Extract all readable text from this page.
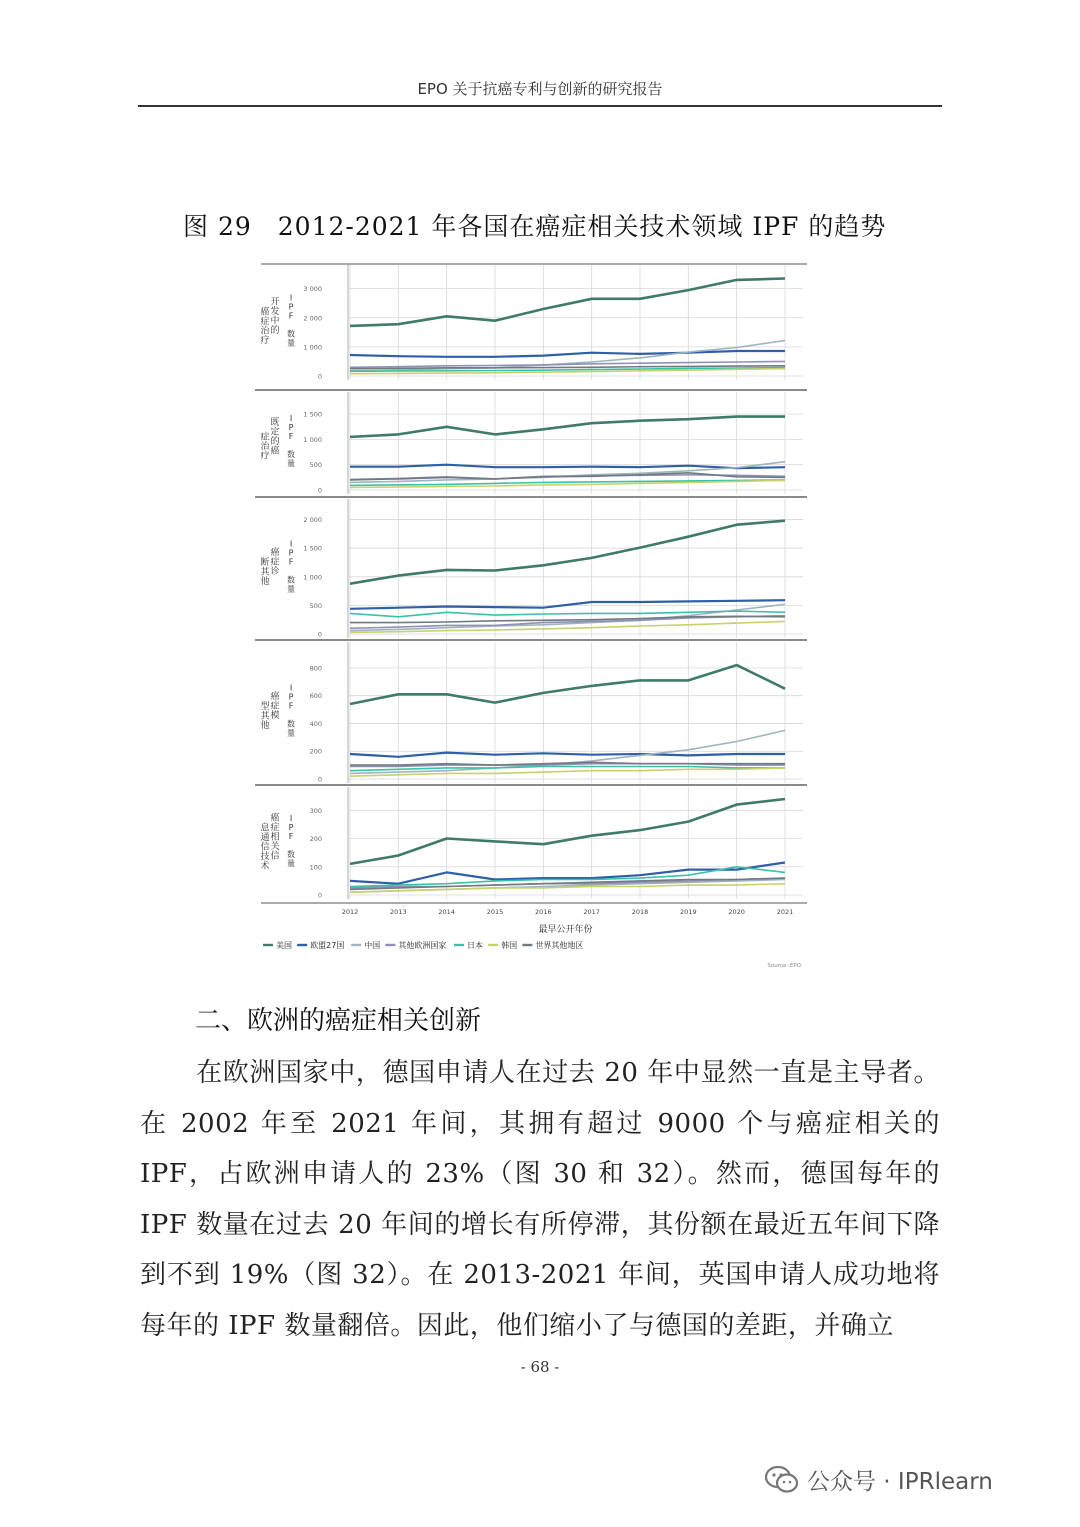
EPO 关于抗癌专利与创新的研究报告
图 29　2012-2021 年各国在癌症相关技术领域 IPF 的趋势
0
1 000
2 000
3 000
I
P
F
数
量
开
发
中
的
癌
症
治
疗
0
500
1 000
1 500
I
P
F
数
量
既
定
的
癌
症
治
疗
0
500
1 000
1 500
2 000
I
P
F
数
量
癌
症
诊
断
其
他
0
200
400
600
800
I
P
F
数
量
癌
症
模
型
其
他
0
100
200
300
I
P
F
数
量
癌
症
相
关
信
息
通
信
技
术
2012	2013	2014	2015	2016	2017	2018	2019	2020	2021
最早公开年份
美国 欧盟27国 中国 其他欧洲国家	日本 韩国 世界其他地区
Source: EPO
二、欧洲的癌症相关创新
在欧洲国家中，德国申请人在过去 20 年中显然一直是主导者。在 2002 年至 2021 年间，其拥有超过 9000 个与癌症相关的 IPF，占欧洲申请人的 23%（图 30 和 32）。然而，德国每年的 IPF 数量在过去 20 年间的增长有所停滞，其份额在最近五年间下降到不到 19%（图 32）。在 2013-2021 年间，英国申请人成功地将每年的 IPF 数量翻倍。因此，他们缩小了与德国的差距，并确立
- 68 -
公众号 · IPRlearn
